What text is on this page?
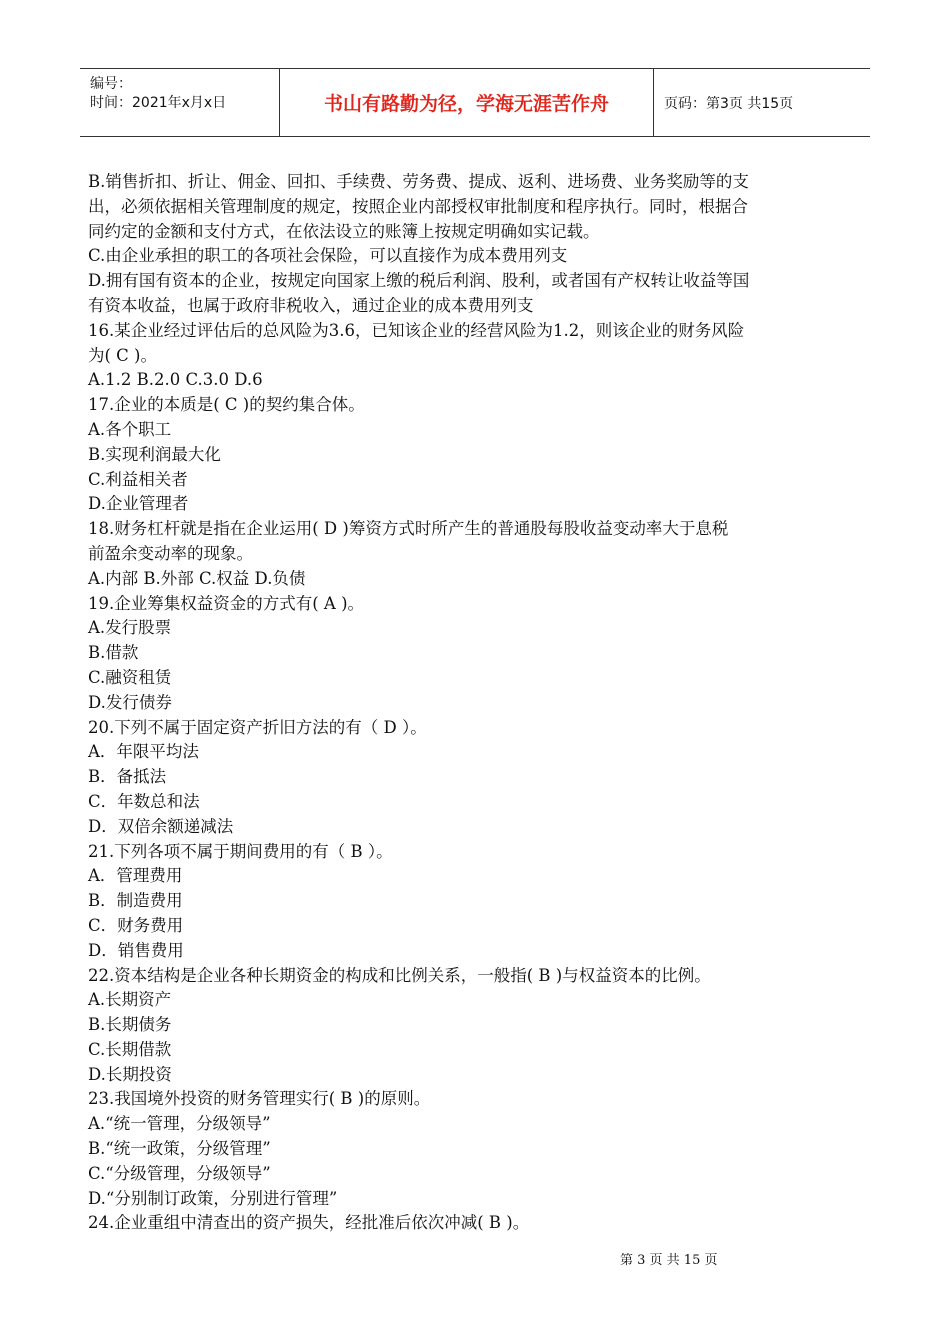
编号：
时间：2021年x月x日	书山有路勤为径，学海无涯苦作舟	页码：第3页 共15页
B.销售折扣、折让、佣金、回扣、手续费、劳务费、提成、返利、进场费、业务奖励等的支
出，必须依据相关管理制度的规定，按照企业内部授权审批制度和程序执行。同时，根据合
同约定的金额和支付方式，在依法设立的账簿上按规定明确如实记载。
C.由企业承担的职工的各项社会保险，可以直接作为成本费用列支
D.拥有国有资本的企业，按规定向国家上缴的税后利润、股利，或者国有产权转让收益等国
有资本收益，也属于政府非税收入，通过企业的成本费用列支
16.某企业经过评估后的总风险为3.6，已知该企业的经营风险为1.2，则该企业的财务风险
为( C )。
A.1.2 B.2.0 C.3.0 D.6
17.企业的本质是( C )的契约集合体。
A.各个职工
B.实现利润最大化
C.利益相关者
D.企业管理者
18.财务杠杆就是指在企业运用( D )筹资方式时所产生的普通股每股收益变动率大于息税
前盈余变动率的现象。
A.内部 B.外部 C.权益 D.负债
19.企业筹集权益资金的方式有( A )。
A.发行股票
B.借款
C.融资租赁
D.发行债券
20.下列不属于固定资产折旧方法的有（ D ）。
A．年限平均法
B．备抵法
C．年数总和法
D．双倍余额递减法
21.下列各项不属于期间费用的有（ B ）。
A．管理费用
B．制造费用
C．财务费用
D．销售费用
22.资本结构是企业各种长期资金的构成和比例关系，一般指( B )与权益资本的比例。
A.长期资产
B.长期债务
C.长期借款
D.长期投资
23.我国境外投资的财务管理实行( B )的原则。
A.“统一管理，分级领导”
B.“统一政策，分级管理”
C.“分级管理，分级领导”
D.“分别制订政策，分别进行管理”
24.企业重组中清查出的资产损失，经批准后依次冲减( B )。
第 3 页 共 15 页
